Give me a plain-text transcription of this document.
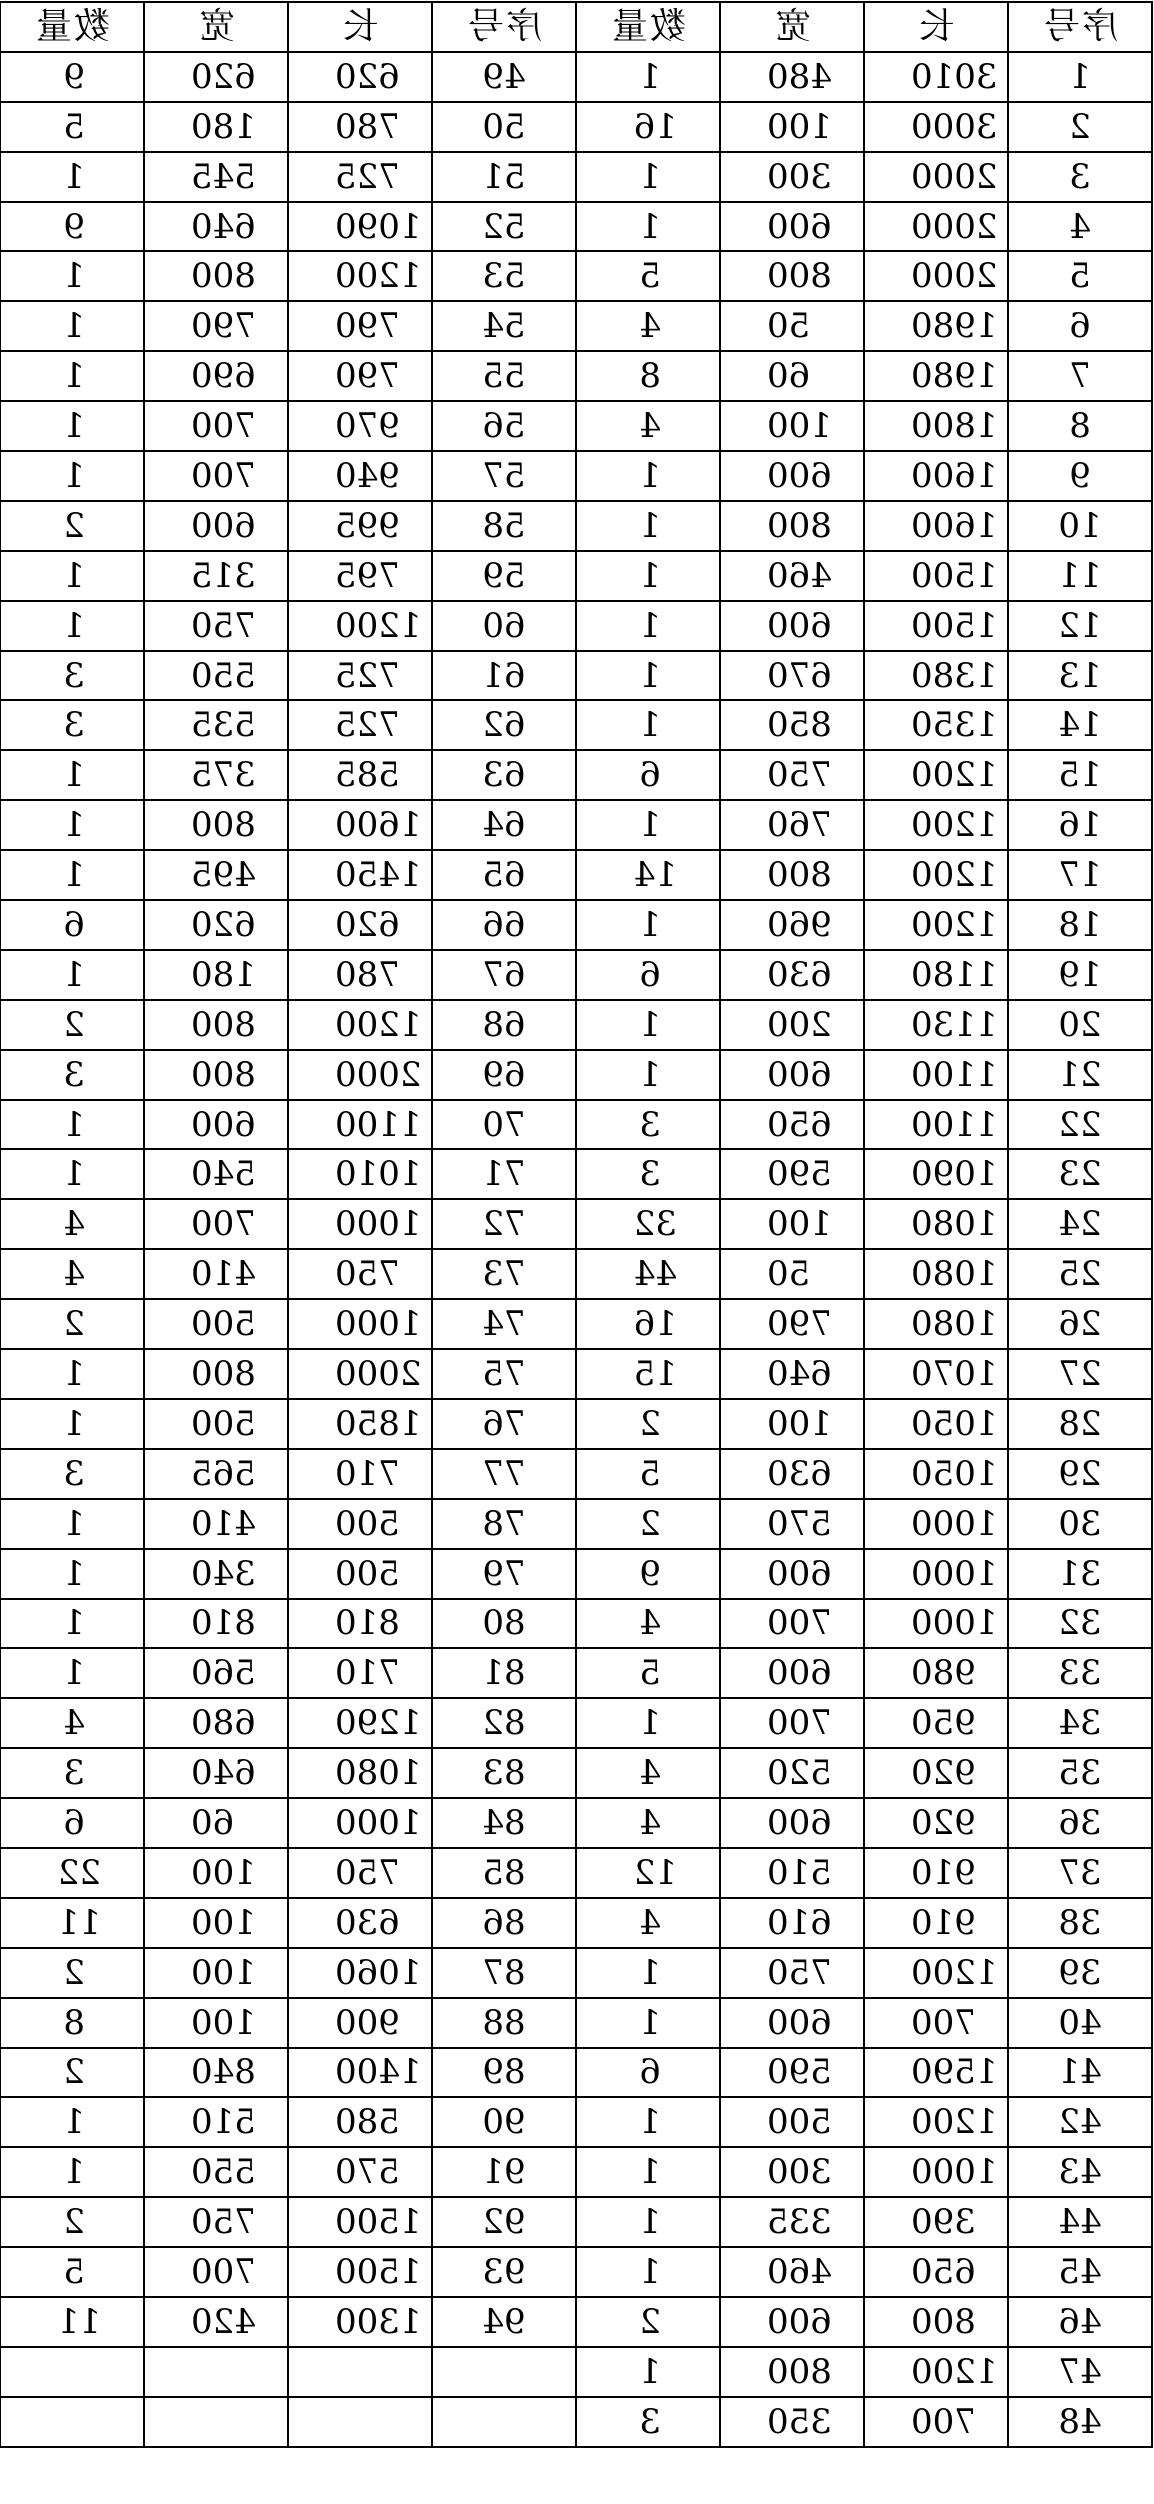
序号	长	宽	数量	序号	长	宽	数量
1	3010	480	1	49	620	620	9
2	3000	100	16	50	780	180	5
3	2000	300	1	51	725	545	1
4	2000	600	1	52	1090	640	9
5	2000	800	5	53	1200	800	1
6	1980	50	4	54	790	790	1
7	1980	60	8	55	790	690	1
8	1800	100	4	56	970	700	1
9	1600	600	1	57	940	700	1
10	1600	800	1	58	995	600	2
11	1500	460	1	59	795	315	1
12	1500	600	1	60	1200	750	1
13	1380	670	1	61	725	550	3
14	1350	850	1	62	725	535	3
15	1200	750	6	63	585	375	1
16	1200	760	1	64	1600	800	1
17	1200	800	14	65	1450	495	1
18	1200	960	1	66	620	620	6
19	1180	630	6	67	780	180	1
20	1130	200	1	68	1200	800	2
21	1100	600	1	69	2000	800	3
22	1100	650	3	70	1100	600	1
23	1090	590	3	71	1010	540	1
24	1080	100	32	72	1000	700	4
25	1080	50	44	73	750	410	4
26	1080	790	16	74	1000	500	2
27	1070	640	15	75	2000	800	1
28	1050	100	2	76	1850	500	1
29	1050	630	5	77	710	565	3
30	1000	570	2	78	500	410	1
31	1000	600	9	79	500	340	1
32	1000	700	4	80	810	810	1
33	980	600	5	81	710	560	1
34	950	700	1	82	1290	680	4
35	920	520	4	83	1080	640	3
36	920	600	4	84	1000	60	6
37	910	510	12	85	750	100	22
38	910	610	4	86	630	100	11
39	1200	750	1	87	1060	100	2
40	700	600	1	88	900	100	8
41	1590	590	6	89	1400	840	2
42	1200	500	1	90	580	510	1
43	1000	300	1	91	570	550	1
44	390	335	1	92	1500	750	2
45	650	460	1	93	1500	700	5
46	800	600	2	94	1300	420	11
47	1200	800	1				
48	700	350	3				
